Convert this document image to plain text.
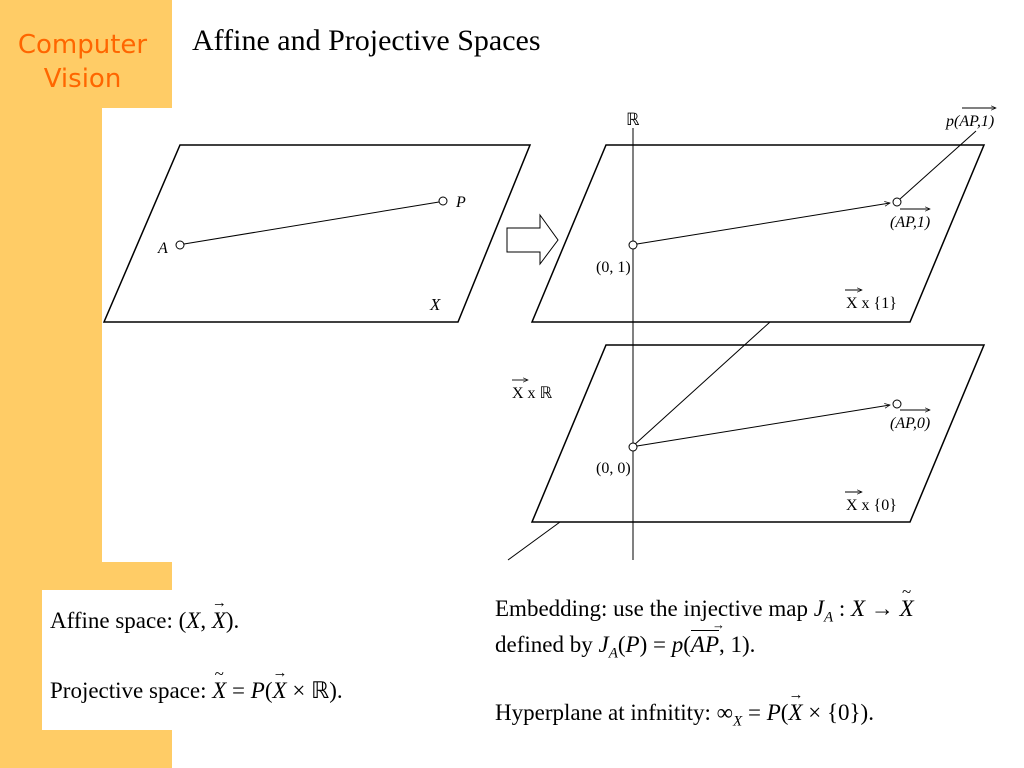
Computer
Vision
Affine and Projective Spaces
A
P
X
ℝ
(0, 1)
(AP,1)
p(AP,1)
X x {1}
(0, 0)
(AP,0)
X x {0}
X x ℝ
Affine space: (X, → X).
Projective space: ~ X = P(→ X × ℝ).
Embedding: use the injective map $J_A$ : X → ~ X
defined by $J_A(P) = p(AP$ →, 1).
Hyperplane at infnitity: $\infty_X = P(\to X \times \{0\})$.
